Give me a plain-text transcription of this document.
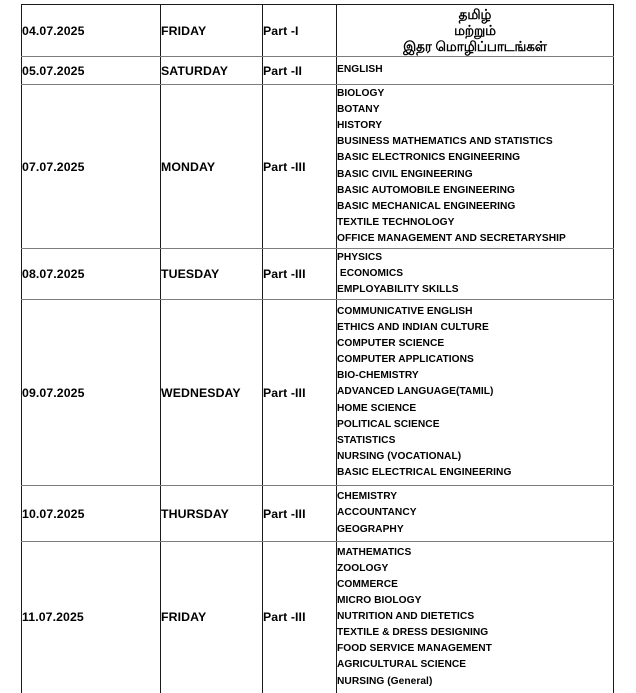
04.07.2025	FRIDAY	Part -I	
தமிழ்
மற்றும்
இதர மொழிப்பாடங்கள்

05.07.2025	SATURDAY	Part -II	ENGLISH

07.07.2025	MONDAY	Part -III	
BIOLOGY
BOTANY
HISTORY
BUSINESS MATHEMATICS AND STATISTICS
BASIC ELECTRONICS ENGINEERING
BASIC CIVIL ENGINEERING
BASIC AUTOMOBILE ENGINEERING
BASIC MECHANICAL ENGINEERING
TEXTILE TECHNOLOGY
OFFICE MANAGEMENT AND SECRETARYSHIP

08.07.2025	TUESDAY	Part -III	
PHYSICS
ECONOMICS
EMPLOYABILITY SKILLS

09.07.2025	WEDNESDAY	Part -III	
COMMUNICATIVE ENGLISH
ETHICS AND INDIAN CULTURE
COMPUTER SCIENCE
COMPUTER APPLICATIONS
BIO-CHEMISTRY
ADVANCED LANGUAGE(TAMIL)
HOME SCIENCE
POLITICAL SCIENCE
STATISTICS
NURSING (VOCATIONAL)
BASIC ELECTRICAL ENGINEERING

10.07.2025	THURSDAY	Part -III	
CHEMISTRY
ACCOUNTANCY
GEOGRAPHY

11.07.2025	FRIDAY	Part -III	
MATHEMATICS
ZOOLOGY
COMMERCE
MICRO BIOLOGY
NUTRITION AND DIETETICS
TEXTILE & DRESS DESIGNING
FOOD SERVICE MANAGEMENT
AGRICULTURAL SCIENCE
NURSING (General)
